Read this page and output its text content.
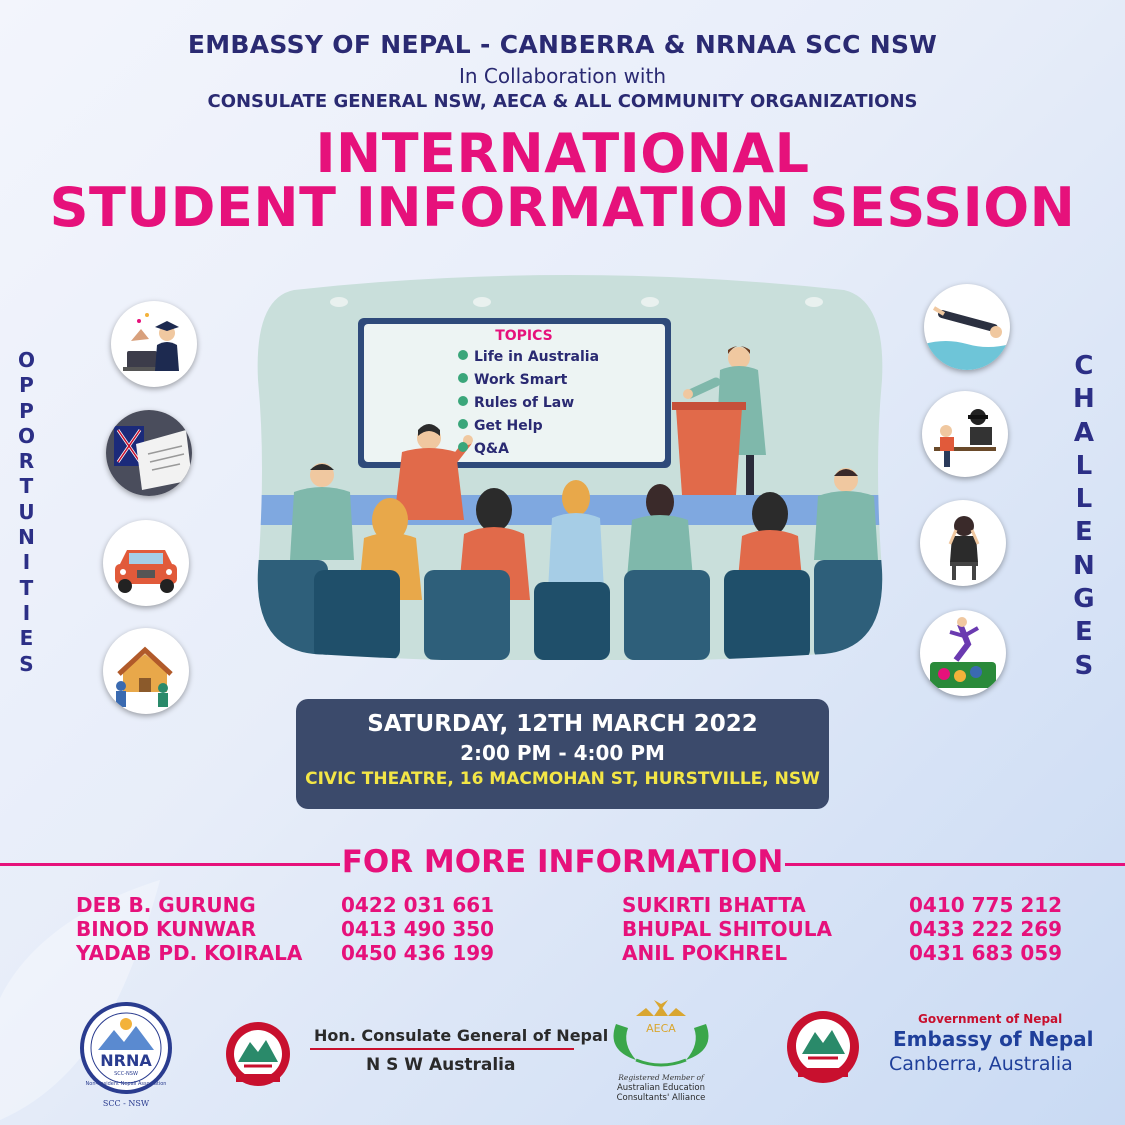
EMBASSY OF NEPAL - CANBERRA & NRNAA SCC NSW
In Collaboration with
CONSULATE GENERAL NSW, AECA & ALL COMMUNITY ORGANIZATIONS
INTERNATIONAL
STUDENT INFORMATION SESSION
O
P
P
O
R
T
U
N
I
T
I
E
S
C
H
A
L
L
E
N
G
E
S
TOPICS
Life in Australia
Work Smart
Rules of Law
Get Help
Q&A
SATURDAY, 12TH MARCH 2022
2:00 PM - 4:00 PM
CIVIC THEATRE, 16 MACMOHAN ST, HURSTVILLE, NSW
FOR MORE INFORMATION
DEB B. GURUNG	0422 031 661
BINOD KUNWAR	0413 490 350
YADAB PD. KOIRALA 0450 436 199
SUKIRTI BHATTA	0410 775 212
BHUPAL SHITOULA	0433 222 269
ANIL POKHREL	0431 683 059
NRNA
SCC-NSW
Non-Resident Nepali Association
SCC - NSW
Hon. Consulate General of Nepal
N S W Australia
AECA
Registered Member of
Australian Education
Consultants' Alliance
Government of Nepal
Embassy of Nepal
Canberra, Australia
